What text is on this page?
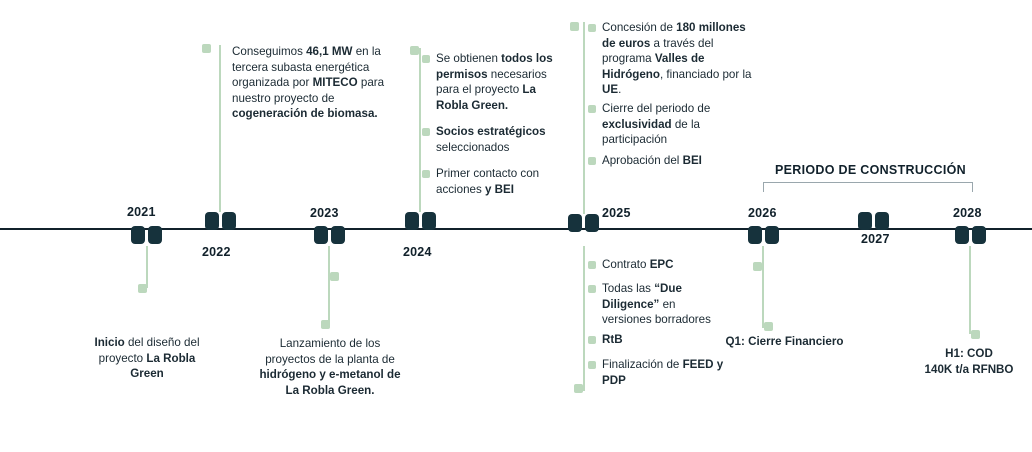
2021
Inicio del diseño del proyecto La Robla Green
2022
Conseguimos 46,1 MW en la tercera subasta energética organizada por MITECO para nuestro proyecto de cogeneración de biomasa.
2023
Lanzamiento de los proyectos de la planta de hidrógeno y e-metanol de La Robla Green.
2024
Se obtienen todos los permisos necesarios para el proyecto La Robla Green.
Socios estratégicos seleccionados
Primer contacto con acciones y BEI
2025
Concesión de 180 millones de euros a través del programa Valles de Hidrógeno, financiado por la UE.
Cierre del periodo de exclusividad de la participación
Aprobación del BEI
Contrato EPC
Todas las “Due Diligence” en versiones borradores
RtB
Finalización de FEED y PDP
2026
Q1: Cierre Financiero
2027
2028
H1: COD
140K t/a RFNBO
PERIODO DE CONSTRUCCIÓN
